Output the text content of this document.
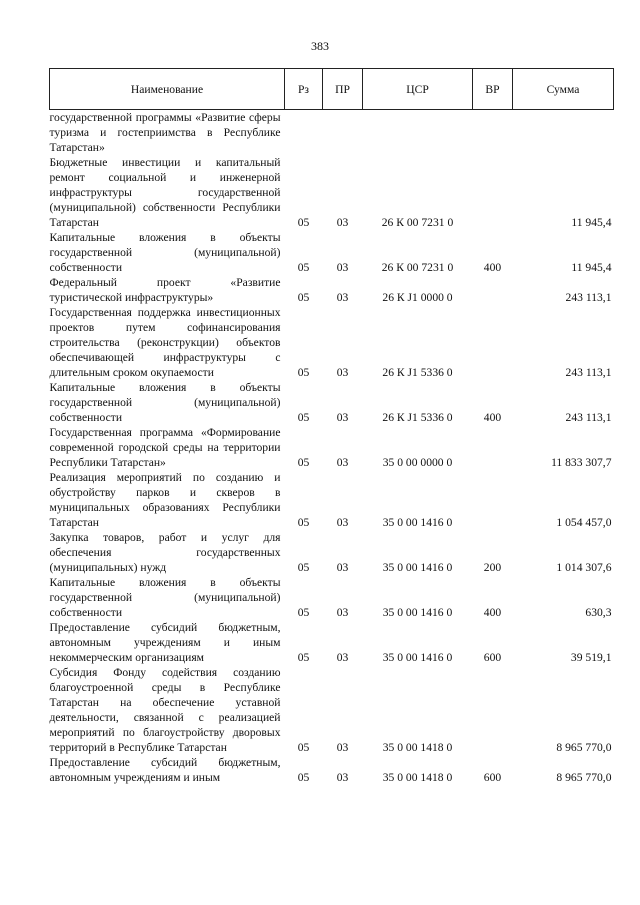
383
Наименование	Рз	ПР	ЦСР	ВР	Сумма
государственной программы «Развитие сферы туризма и гостеприимства в Республике Татарстан»					
Бюджетные инвестиции и капитальный ремонт социальной и инженерной инфраструктуры государственной (муниципальной) собственности Республики Татарстан	05	03	26 К 00 7231 0		11 945,4
Капитальные вложения в объекты государственной (муниципальной) собственности	05	03	26 К 00 7231 0	400	11 945,4
Федеральный проект «Развитие туристической инфраструктуры»	05	03	26 К J1 0000 0		243 113,1
Государственная поддержка инвестиционных проектов путем софинансирования строительства (реконструкции) объектов обеспечивающей инфраструктуры с длительным сроком окупаемости	05	03	26 К J1 5336 0		243 113,1
Капитальные вложения в объекты государственной (муниципальной) собственности	05	03	26 К J1 5336 0	400	243 113,1
Государственная программа «Формирование современной городской среды на территории Республики Татарстан»	05	03	35 0 00 0000 0		11 833 307,7
Реализация мероприятий по созданию и обустройству парков и скверов в муниципальных образованиях Республики Татарстан	05	03	35 0 00 1416 0		1 054 457,0
Закупка товаров, работ и услуг для обеспечения государственных (муниципальных) нужд	05	03	35 0 00 1416 0	200	1 014 307,6
Капитальные вложения в объекты государственной (муниципальной) собственности	05	03	35 0 00 1416 0	400	630,3
Предоставление субсидий бюджетным, автономным учреждениям и иным некоммерческим организациям	05	03	35 0 00 1416 0	600	39 519,1
Субсидия Фонду содействия созданию благоустроенной среды в Республике Татарстан на обеспечение уставной деятельности, связанной с реализацией мероприятий по благоустройству дворовых территорий в Республике Татарстан	05	03	35 0 00 1418 0		8 965 770,0
Предоставление субсидий бюджетным, автономным учреждениям и иным	05	03	35 0 00 1418 0	600	8 965 770,0
